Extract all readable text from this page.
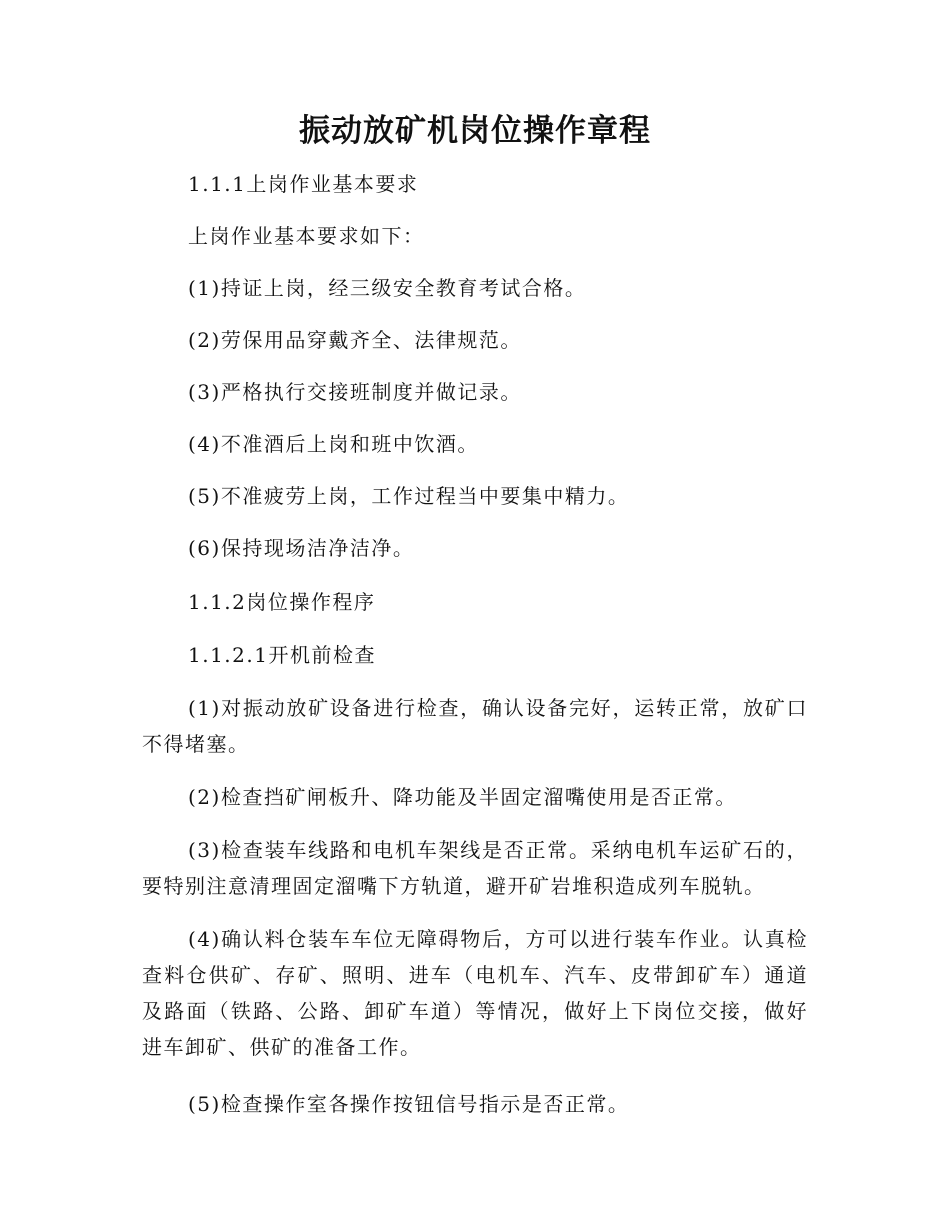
振动放矿机岗位操作章程

1.1.1上岗作业基本要求

上岗作业基本要求如下：

(1)持证上岗，经三级安全教育考试合格。

(2)劳保用品穿戴齐全、法律规范。

(3)严格执行交接班制度并做记录。

(4)不准酒后上岗和班中饮酒。

(5)不准疲劳上岗，工作过程当中要集中精力。

(6)保持现场洁净洁净。

1.1.2岗位操作程序

1.1.2.1开机前检查

(1)对振动放矿设备进行检查，确认设备完好，运转正常，放矿口不得堵塞。

(2)检查挡矿闸板升、降功能及半固定溜嘴使用是否正常。

(3)检查装车线路和电机车架线是否正常。采纳电机车运矿石的，要特别注意清理固定溜嘴下方轨道，避开矿岩堆积造成列车脱轨。

(4)确认料仓装车车位无障碍物后，方可以进行装车作业。认真检查料仓供矿、存矿、照明、进车（电机车、汽车、皮带卸矿车）通道及路面（铁路、公路、卸矿车道）等情况，做好上下岗位交接，做好进车卸矿、供矿的准备工作。

(5)检查操作室各操作按钮信号指示是否正常。
